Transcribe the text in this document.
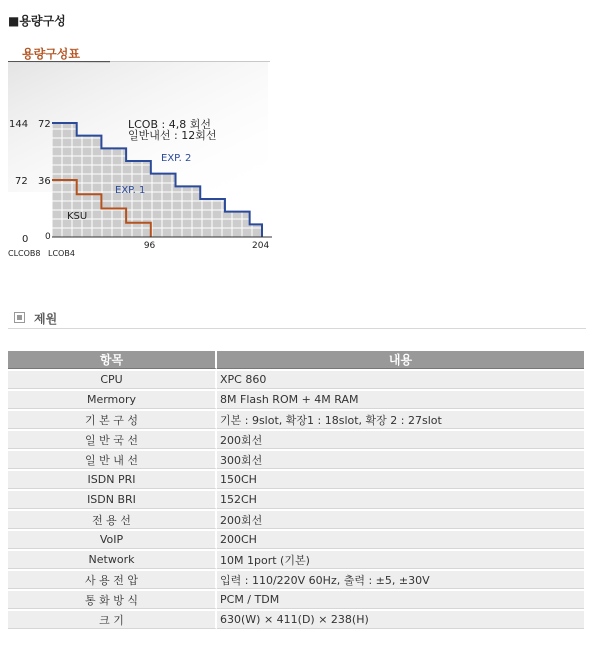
■용량구성
용량구성표
144
72
0
72
36
0
96	204
CLCOB8 LCOB4
LCOB : 4,8 회선
일반내선 : 12회선
EXP. 2
EXP. 1
KSU
제원
항목	내용
CPU	XPC 860
Mermory	8M Flash ROM + 4M RAM
기 본 구 성	기본 : 9slot, 확장1 : 18slot, 확장 2 : 27slot
일 반 국 선	200회선
일 반 내 선	300회선
ISDN PRI	150CH
ISDN BRI	152CH
전 용 선	200회선
VoIP	200CH
Network	10M 1port (기본)
사 용 전 압	입력 : 110/220V 60Hz, 출력 : ±5, ±30V
통 화 방 식	PCM / TDM
크 기	630(W) × 411(D) × 238(H)
